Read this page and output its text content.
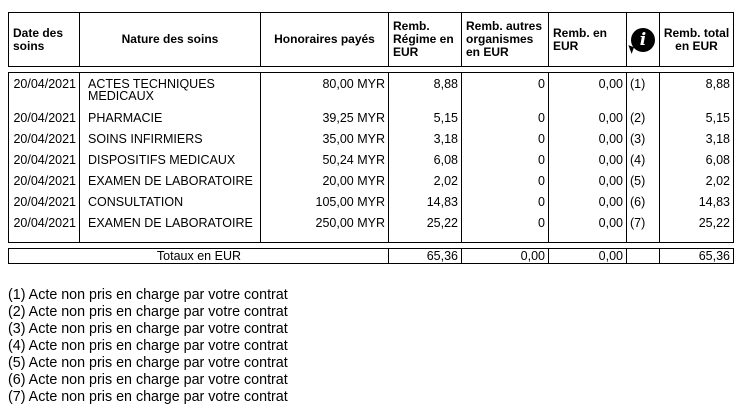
Date des soins	Nature des soins	Honoraires payés	Remb. Régime en EUR	Remb. autres organismes en EUR	Remb. en EUR	i	Remb. total en EUR
20/04/2021	ACTES TECHNIQUES MEDICAUX	80,00 MYR	8,88	0	0,00	(1)	8,88
20/04/2021	PHARMACIE	39,25 MYR	5,15	0	0,00	(2)	5,15
20/04/2021	SOINS INFIRMIERS	35,00 MYR	3,18	0	0,00	(3)	3,18
20/04/2021	DISPOSITIFS MEDICAUX	50,24 MYR	6,08	0	0,00	(4)	6,08
20/04/2021	EXAMEN DE LABORATOIRE	20,00 MYR	2,02	0	0,00	(5)	2,02
20/04/2021	CONSULTATION	105,00 MYR	14,83	0	0,00	(6)	14,83
20/04/2021	EXAMEN DE LABORATOIRE	250,00 MYR	25,22	0	0,00	(7)	25,22

Totaux en EUR	65,36	0,00	0,00		65,36
(1) Acte non pris en charge par votre contrat
(2) Acte non pris en charge par votre contrat
(3) Acte non pris en charge par votre contrat
(4) Acte non pris en charge par votre contrat
(5) Acte non pris en charge par votre contrat
(6) Acte non pris en charge par votre contrat
(7) Acte non pris en charge par votre contrat
